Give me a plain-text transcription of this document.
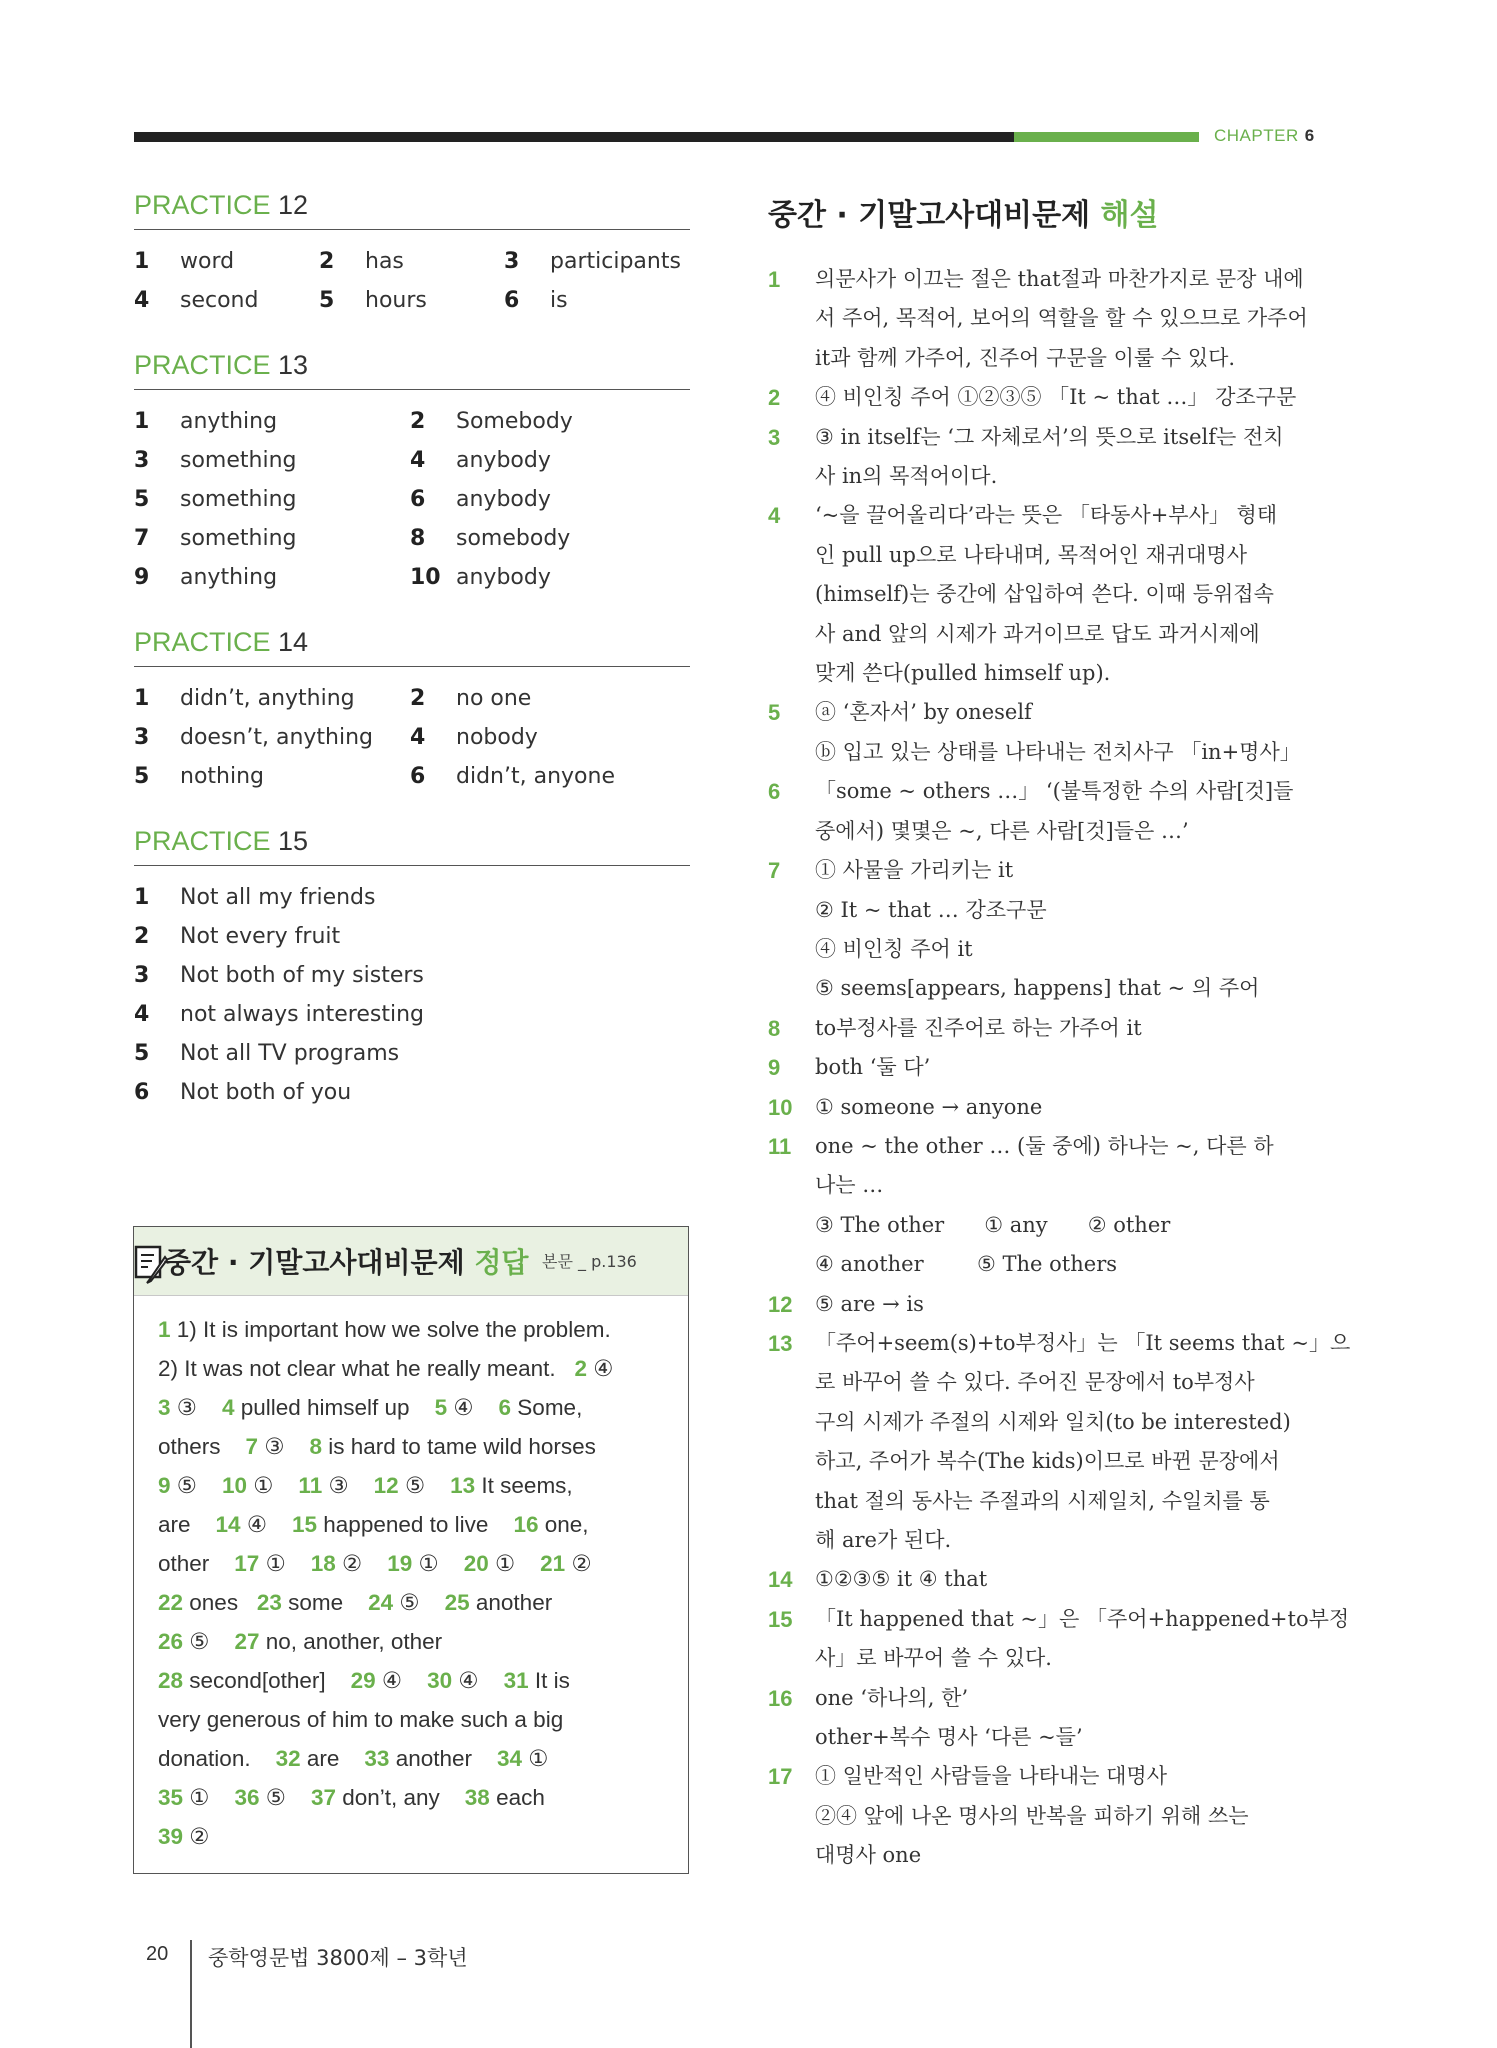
CHAPTER 6
PRACTICE 12
1 word	2 has	3 participants
4 second	5 hours	6 is
PRACTICE 13
1 anything	2 Somebody
3 something	4 anybody
5 something	6 anybody
7 something	8 somebody
9 anything	10 anybody
PRACTICE 14
1 didn’t, anything	2 no one
3 doesn’t, anything	4 nobody
5 nothing	6 didn’t, anyone
PRACTICE 15
1 Not all my friends
2 Not every fruit
3 Not both of my sisters
4 not always interesting
5 Not all TV programs
6 Not both of you
중간 · 기말고사대비문제 정답 본문 _ p.136
1 1) It is important how we solve the problem.
2) It was not clear what he really meant.   2 ④
3 ③    4 pulled himself up    5 ④    6 Some,
others    7 ③    8 is hard to tame wild horses
9 ⑤    10 ①    11 ③    12 ⑤    13 It seems,
are    14 ④    15 happened to live    16 one,
other    17 ①    18 ②    19 ①    20 ①    21 ②
22 ones   23 some    24 ⑤    25 another
26 ⑤    27 no, another, other
28 second[other]    29 ④    30 ④    31 It is
very generous of him to make such a big
donation.    32 are    33 another    34 ①
35 ①    36 ⑤    37 don’t, any    38 each
39 ②
중간 · 기말고사대비문제 해설
1	의문사가 이끄는 절은 that절과 마찬가지로 문장 내에
서 주어, 목적어, 보어의 역할을 할 수 있으므로 가주어
it과 함께 가주어, 진주어 구문을 이룰 수 있다.
2	④ 비인칭 주어 ①②③⑤ 「It ~ that …」 강조구문
3	③ in itself는 ‘그 자체로서’의 뜻으로 itself는 전치
사 in의 목적어이다.
4	‘~을 끌어올리다’라는 뜻은 「타동사+부사」 형태
인 pull up으로 나타내며, 목적어인 재귀대명사
(himself)는 중간에 삽입하여 쓴다. 이때 등위접속
사 and 앞의 시제가 과거이므로 답도 과거시제에
맞게 쓴다(pulled himself up).
5	ⓐ ‘혼자서’ by oneself
ⓑ 입고 있는 상태를 나타내는 전치사구 「in+명사」
6	「some ~ others …」 ‘(불특정한 수의 사람[것]들
중에서) 몇몇은 ~, 다른 사람[것]들은 …’
7	① 사물을 가리키는 it
② It ~ that … 강조구문
④ 비인칭 주어 it
⑤ seems[appears, happens] that ~ 의 주어
8	to부정사를 진주어로 하는 가주어 it
9	both ‘둘 다’
10	① someone → anyone
11	one ~ the other … (둘 중에) 하나는 ~, 다른 하
나는 …
③ The other      ① any      ② other
④ another        ⑤ The others
12	⑤ are → is
13	「주어+seem(s)+to부정사」는 「It seems that ~」으
로 바꾸어 쓸 수 있다. 주어진 문장에서 to부정사
구의 시제가 주절의 시제와 일치(to be interested)
하고, 주어가 복수(The kids)이므로 바뀐 문장에서
that 절의 동사는 주절과의 시제일치, 수일치를 통
해 are가 된다.
14	①②③⑤ it ④ that
15	「It happened that ~」은 「주어+happened+to부정
사」로 바꾸어 쓸 수 있다.
16	one ‘하나의, 한’
other+복수 명사 ‘다른 ~들’
17	① 일반적인 사람들을 나타내는 대명사
②④ 앞에 나온 명사의 반복을 피하기 위해 쓰는
대명사 one
20 중학영문법 3800제 – 3학년
